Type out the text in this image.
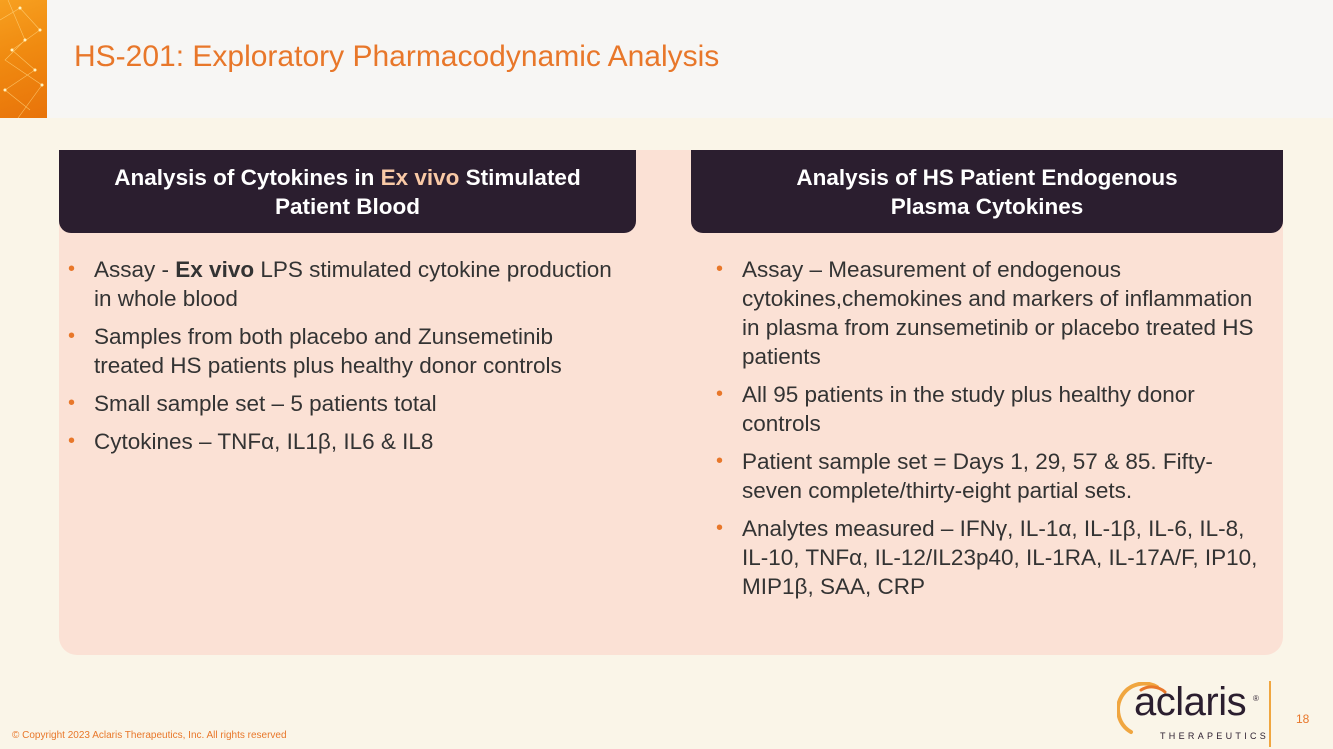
HS-201: Exploratory Pharmacodynamic Analysis
Analysis of Cytokines in Ex vivo Stimulated
Patient Blood
Analysis of HS Patient Endogenous
Plasma Cytokines
• Assay - Ex vivo LPS stimulated cytokine production in whole blood
• Samples from both placebo and Zunsemetinib treated HS patients plus healthy donor controls
• Small sample set – 5 patients total
• Cytokines – TNFα, IL1β, IL6 & IL8
• Assay – Measurement of endogenous cytokines,chemokines and markers of inflammation in plasma from zunsemetinib or placebo treated HS patients
• All 95 patients in the study plus healthy donor controls
• Patient sample set = Days 1, 29, 57 & 85. Fifty-seven complete/thirty-eight partial sets.
• Analytes measured – IFNγ, IL-1α, IL-1β, IL-6, IL-8, IL-10, TNFα, IL-12/IL23p40, IL-1RA, IL-17A/F, IP10, MIP1β, SAA, CRP
© Copyright 2023 Aclaris Therapeutics, Inc. All rights reserved
aclaris ®
THERAPEUTICS
18
